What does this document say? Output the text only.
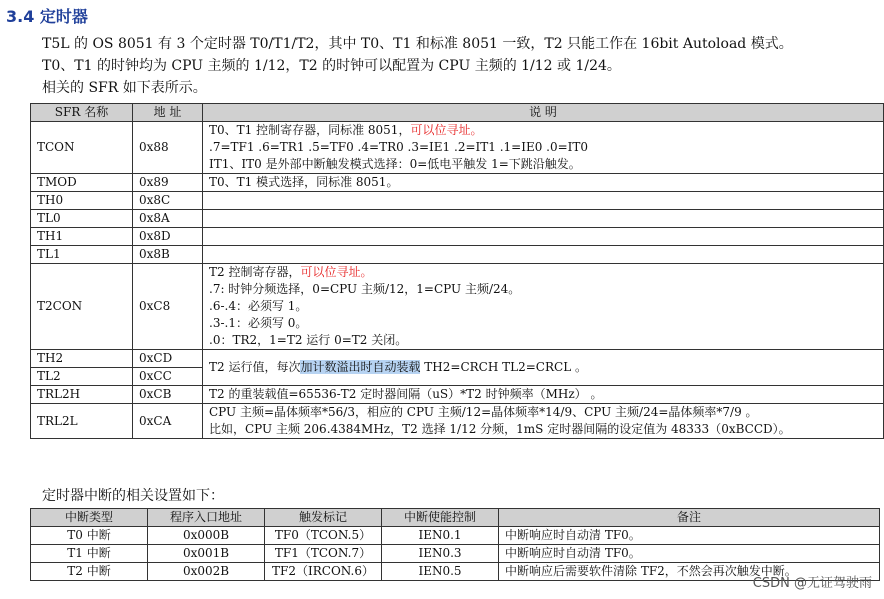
3.4 定时器
T5L 的 OS 8051 有 3 个定时器 T0/T1/T2，其中 T0、T1 和标准 8051 一致，T2 只能工作在 16bit Autoload 模式。
T0、T1 的时钟均为 CPU 主频的 1/12，T2 的时钟可以配置为 CPU 主频的 1/12 或 1/24。
相关的 SFR 如下表所示。
SFR 名称	地 址	说 明
TCON	0x88	T0、T1 控制寄存器，同标准 8051，可以位寻址。
.7=TF1 .6=TR1 .5=TF0 .4=TR0 .3=IE1 .2=IT1 .1=IE0 .0=IT0
IT1、IT0 是外部中断触发模式选择：0=低电平触发 1=下跳沿触发。

TMOD	0x89	T0、T1 模式选择，同标准 8051。
TH0	0x8C	
TL0	0x8A	
TH1	0x8D	
TL1	0x8B	
T2CON	0xC8	T2 控制寄存器，可以位寻址。
.7: 时钟分频选择，0=CPU 主频/12，1=CPU 主频/24。
.6-.4：必须写 1。
.3-.1：必须写 0。
.0：TR2，1=T2 运行 0=T2 关闭。

TH2	0xCD	T2 运行值，每次加计数溢出时自动装载 TH2=CRCH TL2=CRCL 。
TL2	0xCC	
TRL2H	0xCB	T2 的重装载值=65536-T2 定时器间隔（uS）*T2 时钟频率（MHz） 。
TRL2L	0xCA	CPU 主频=晶体频率*56/3，相应的 CPU 主频/12=晶体频率*14/9、CPU 主频/24=晶体频率*7/9 。
比如，CPU 主频 206.4384MHz，T2 选择 1/12 分频，1mS 定时器间隔的设定值为 48333（0xBCCD）。
定时器中断的相关设置如下：
中断类型	程序入口地址	触发标记	中断使能控制	备注
T0 中断	0x000B	TF0（TCON.5）	IEN0.1	中断响应时自动清 TF0。
T1 中断	0x001B	TF1（TCON.7）	IEN0.3	中断响应时自动清 TF0。
T2 中断	0x002B	TF2（IRCON.6）	IEN0.5	中断响应后需要软件清除 TF2，不然会再次触发中断。
CSDN @无证驾驶雨
